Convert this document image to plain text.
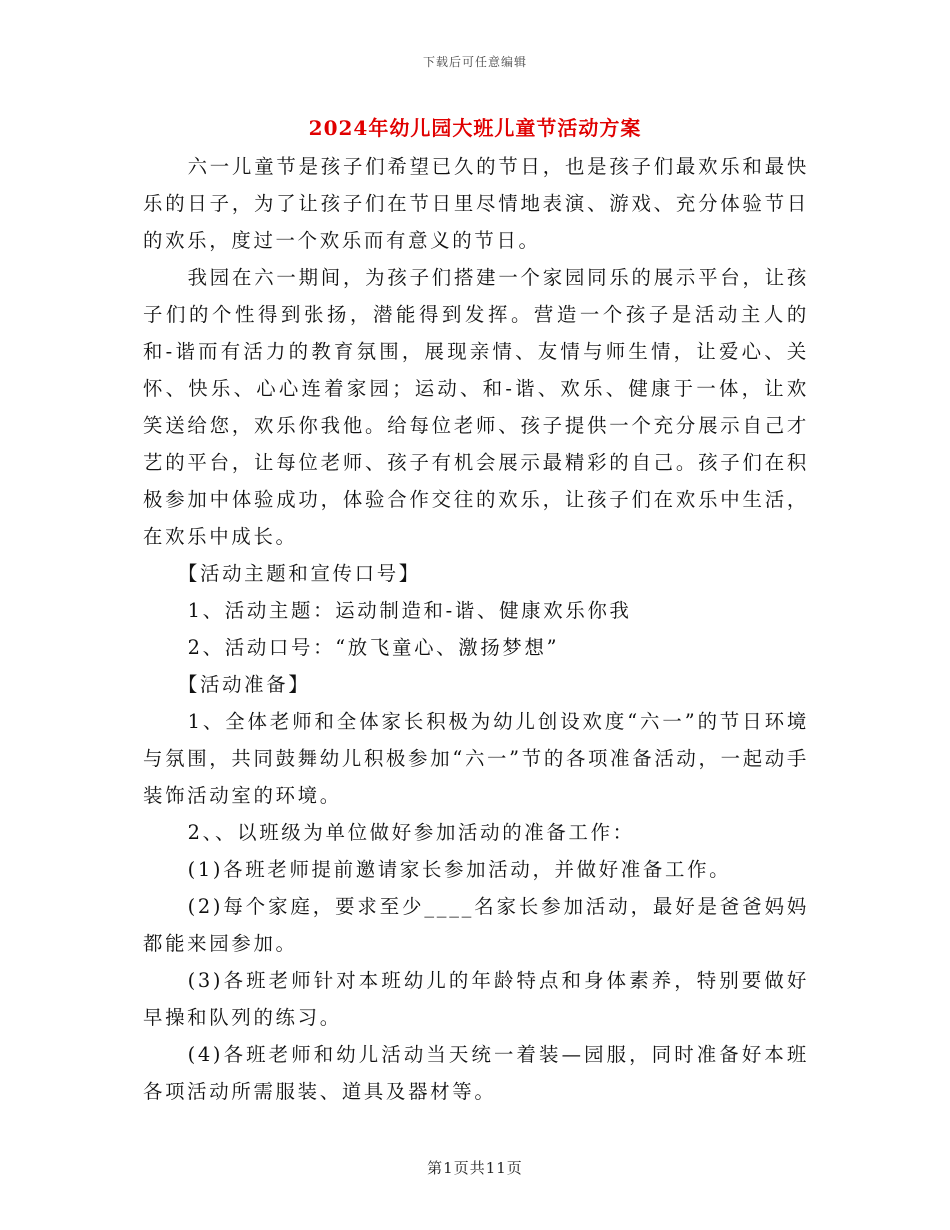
下载后可任意编辑
2024年幼儿园大班儿童节活动方案

六一儿童节是孩子们希望已久的节日，也是孩子们最欢乐和最快乐的日子，为了让孩子们在节日里尽情地表演、游戏、充分体验节日的欢乐，度过一个欢乐而有意义的节日。

我园在六一期间，为孩子们搭建一个家园同乐的展示平台，让孩子们的个性得到张扬，潜能得到发挥。营造一个孩子是活动主人的和-谐而有活力的教育氛围，展现亲情、友情与师生情，让爱心、关怀、快乐、心心连着家园；运动、和-谐、欢乐、健康于一体，让欢笑送给您，欢乐你我他。给每位老师、孩子提供一个充分展示自己才艺的平台，让每位老师、孩子有机会展示最精彩的自己。孩子们在积极参加中体验成功，体验合作交往的欢乐，让孩子们在欢乐中生活，在欢乐中成长。

【活动主题和宣传口号】

1、活动主题：运动制造和-谐、健康欢乐你我

2、活动口号：“放飞童心、激扬梦想”

【活动准备】

1、全体老师和全体家长积极为幼儿创设欢度“六一”的节日环境与氛围，共同鼓舞幼儿积极参加“六一”节的各项准备活动，一起动手装饰活动室的环境。

2、、以班级为单位做好参加活动的准备工作：

(1)各班老师提前邀请家长参加活动，并做好准备工作。

(2)每个家庭，要求至少____名家长参加活动，最好是爸爸妈妈都能来园参加。

(3)各班老师针对本班幼儿的年龄特点和身体素养，特别要做好早操和队列的练习。

(4)各班老师和幼儿活动当天统一着装—园服，同时准备好本班各项活动所需服装、道具及器材等。

第1页共11页
